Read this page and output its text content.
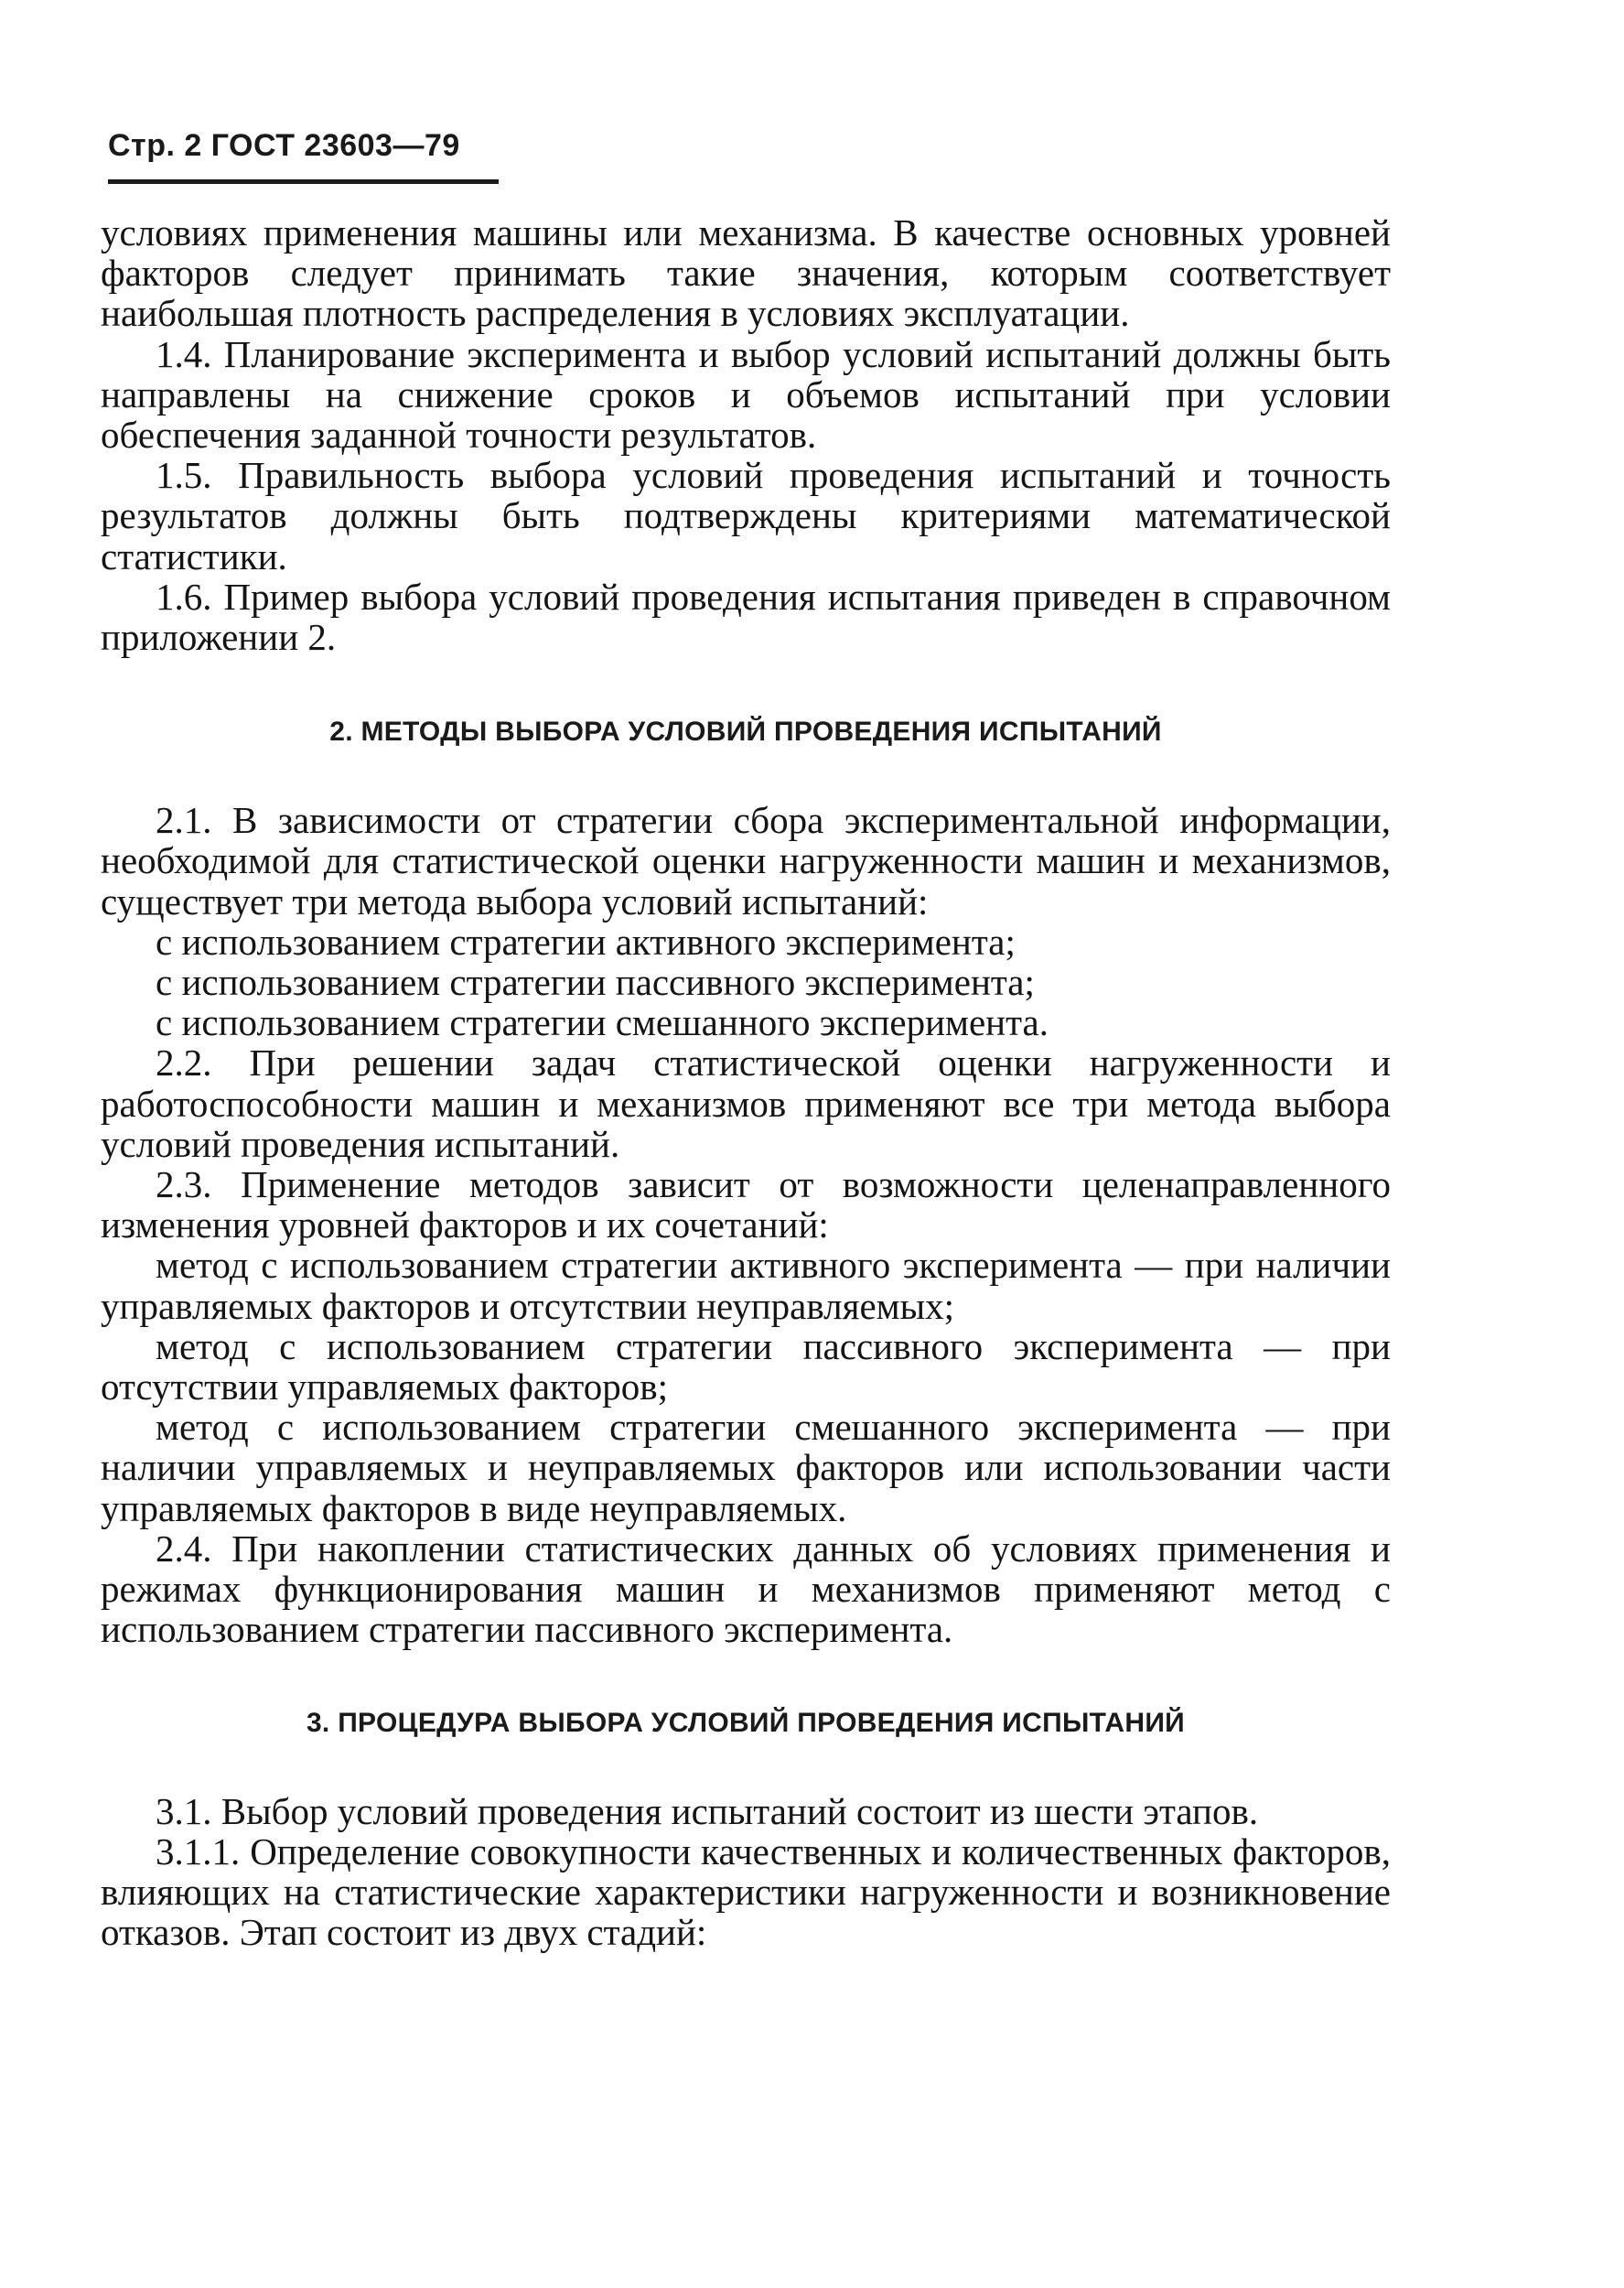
Стр. 2 ГОСТ 23603—79

условиях применения машины или механизма. В качестве основных уровней факторов следует принимать такие значения, которым соответствует наибольшая плотность распределения в условиях эксплуатации.

1.4. Планирование эксперимента и выбор условий испытаний должны быть направлены на снижение сроков и объемов испытаний при условии обеспечения заданной точности результатов.

1.5. Правильность выбора условий проведения испытаний и точность результатов должны быть подтверждены критериями математической статистики.

1.6. Пример выбора условий проведения испытания приведен в справочном приложении 2.

2. МЕТОДЫ ВЫБОРА УСЛОВИЙ ПРОВЕДЕНИЯ ИСПЫТАНИЙ

2.1. В зависимости от стратегии сбора экспериментальной информации, необходимой для статистической оценки нагруженности машин и механизмов, существует три метода выбора условий испытаний:

с использованием стратегии активного эксперимента;

с использованием стратегии пассивного эксперимента;

с использованием стратегии смешанного эксперимента.

2.2. При решении задач статистической оценки нагруженности и работоспособности машин и механизмов применяют все три метода выбора условий проведения испытаний.

2.3. Применение методов зависит от возможности целенаправленного изменения уровней факторов и их сочетаний:

метод с использованием стратегии активного эксперимента — при наличии управляемых факторов и отсутствии неуправляемых;

метод с использованием стратегии пассивного эксперимента — при отсутствии управляемых факторов;

метод с использованием стратегии смешанного эксперимента — при наличии управляемых и неуправляемых факторов или использовании части управляемых факторов в виде неуправляемых.

2.4. При накоплении статистических данных об условиях применения и режимах функционирования машин и механизмов применяют метод с использованием стратегии пассивного эксперимента.

3. ПРОЦЕДУРА ВЫБОРА УСЛОВИЙ ПРОВЕДЕНИЯ ИСПЫТАНИЙ

3.1. Выбор условий проведения испытаний состоит из шести этапов.

3.1.1. Определение совокупности качественных и количественных факторов, влияющих на статистические характеристики нагруженности и возникновение отказов. Этап состоит из двух стадий:
